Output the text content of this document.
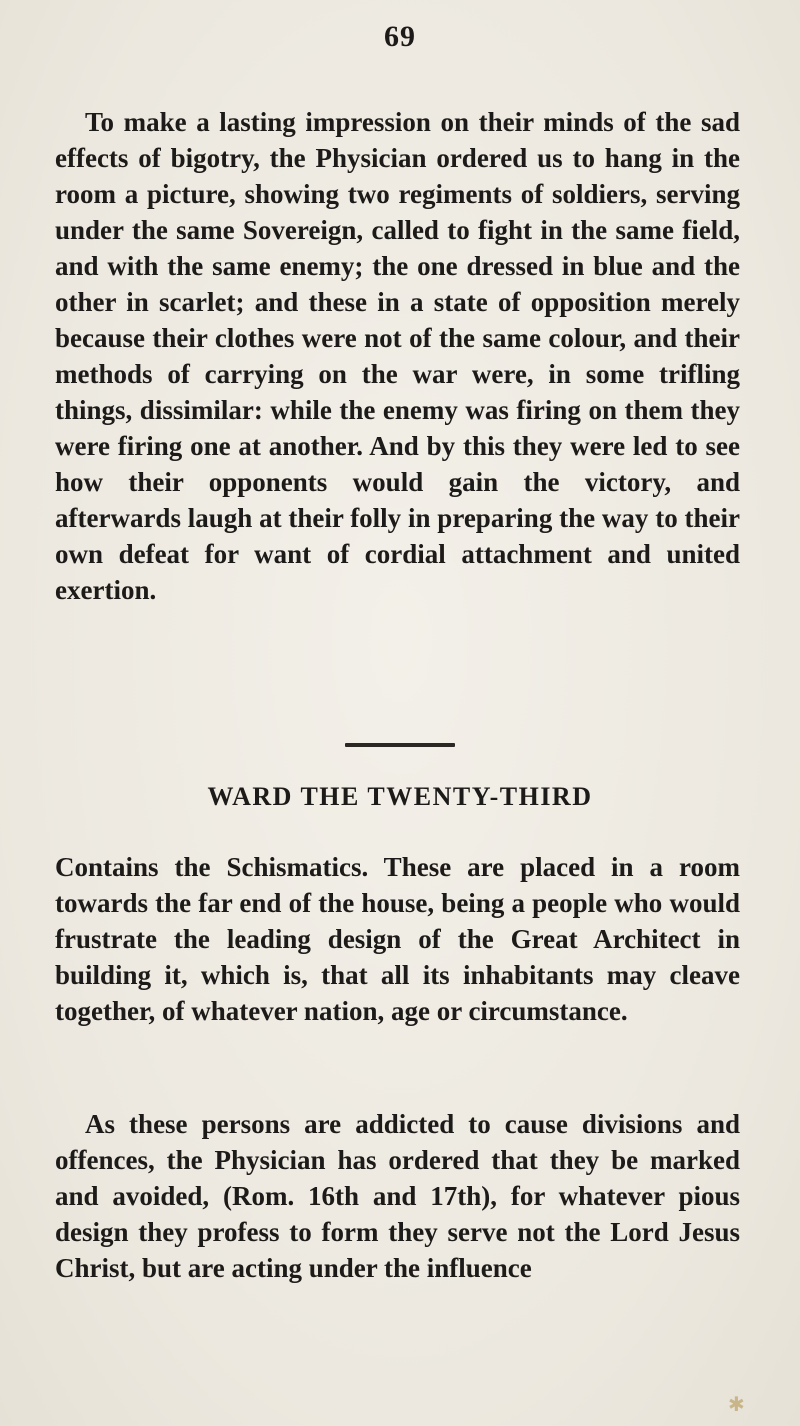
69

To make a lasting impression on their minds of the sad effects of bigotry, the Physician ordered us to hang in the room a picture, showing two regiments of soldiers, serving under the same Sovereign, called to fight in the same field, and with the same enemy; the one dressed in blue and the other in scarlet; and these in a state of opposition merely because their clothes were not of the same colour, and their methods of carrying on the war were, in some trifling things, dissimilar: while the enemy was firing on them they were firing one at another. And by this they were led to see how their opponents would gain the victory, and afterwards laugh at their folly in preparing the way to their own defeat for want of cordial attachment and united exertion.

WARD THE TWENTY-THIRD

Contains the Schismatics. These are placed in a room towards the far end of the house, being a people who would frustrate the leading design of the Great Architect in building it, which is, that all its inhabitants may cleave together, of whatever nation, age or circumstance.

As these persons are addicted to cause divisions and offences, the Physician has ordered that they be marked and avoided, (Rom. 16th and 17th), for whatever pious design they profess to form they serve not the Lord Jesus Christ, but are acting under the influence

✱
